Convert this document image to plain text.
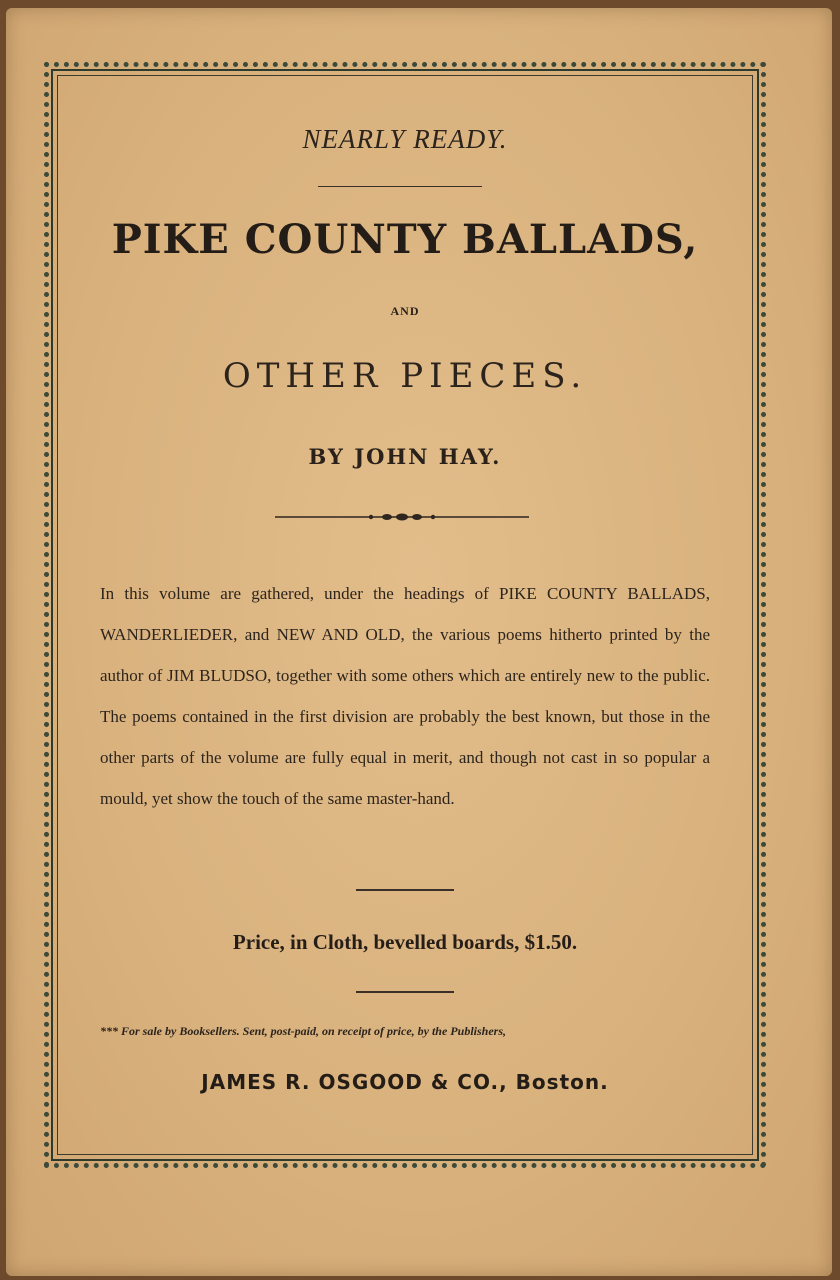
NEARLY READY.
PIKE COUNTY BALLADS,
AND
OTHER PIECES.
BY JOHN HAY.

In this volume are gathered, under the headings of PIKE COUNTY BALLADS, WANDERLIEDER, and NEW AND OLD, the various poems hitherto printed by the author of JIM BLUDSO, together with some others which are entirely new to the public. The poems contained in the first division are probably the best known, but those in the other parts of the volume are fully equal in merit, and though not cast in so popular a mould, yet show the touch of the same master-hand.

Price, in Cloth, bevelled boards, $1.50.
*** For sale by Booksellers. Sent, post-paid, on receipt of price, by the Publishers,
JAMES R. OSGOOD & CO., Boston.
